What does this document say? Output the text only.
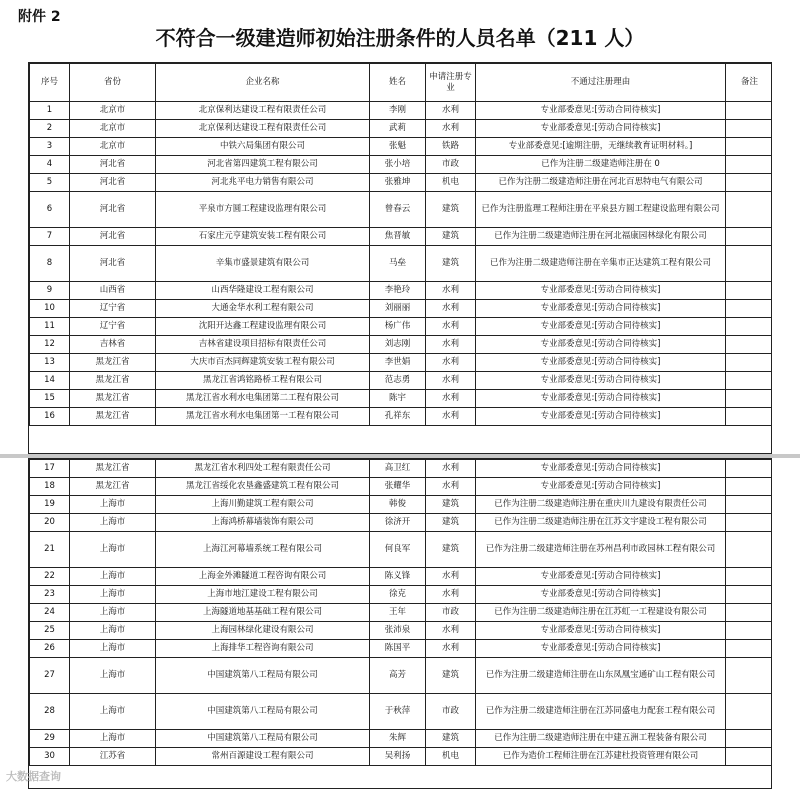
附件 2
不符合一级建造师初始注册条件的人员名单（211 人）
序号	省份	企业名称	姓名	申请注册专业	不通过注册理由	备注
1	北京市	北京保利达建设工程有限责任公司	李刚	水利	专业部委意见:[劳动合同待核实]	
2	北京市	北京保利达建设工程有限责任公司	武莉	水利	专业部委意见:[劳动合同待核实]	
3	北京市	中铁六局集团有限公司	张魁	铁路	专业部委意见:[逾期注册，无继续教育证明材料。]	
4	河北省	河北省第四建筑工程有限公司	张小培	市政	已作为注册二级建造师注册在 0	
5	河北省	河北兆平电力销售有限公司	张雅坤	机电	已作为注册二级建造师注册在河北百思特电气有限公司	
6	河北省	平泉市方圆工程建设监理有限公司	曾春云	建筑	已作为注册监理工程师注册在平泉县方圆工程建设监理有限公司	
7	河北省	石家庄元亨建筑安装工程有限公司	焦晋敏	建筑	已作为注册二级建造师注册在河北福康园林绿化有限公司	
8	河北省	辛集市盛景建筑有限公司	马垒	建筑	已作为注册二级建造师注册在辛集市正达建筑工程有限公司	
9	山西省	山西华隆建设工程有限公司	李艳玲	水利	专业部委意见:[劳动合同待核实]	
10	辽宁省	大通金华水利工程有限公司	刘丽丽	水利	专业部委意见:[劳动合同待核实]	
11	辽宁省	沈阳开达鑫工程建设监理有限公司	杨广伟	水利	专业部委意见:[劳动合同待核实]	
12	吉林省	吉林省建设项目招标有限责任公司	刘志刚	水利	专业部委意见:[劳动合同待核实]	
13	黑龙江省	大庆市百杰同辉建筑安装工程有限公司	李世娟	水利	专业部委意见:[劳动合同待核实]	
14	黑龙江省	黑龙江省鸿铭路桥工程有限公司	范志勇	水利	专业部委意见:[劳动合同待核实]	
15	黑龙江省	黑龙江省水利水电集团第二工程有限公司	陈宇	水利	专业部委意见:[劳动合同待核实]	
16	黑龙江省	黑龙江省水利水电集团第一工程有限公司	孔祥东	水利	专业部委意见:[劳动合同待核实]	
17	黑龙江省	黑龙江省水利四处工程有限责任公司	高卫红	水利	专业部委意见:[劳动合同待核实]	
18	黑龙江省	黑龙江省绥化农垦鑫盛建筑工程有限公司	张耀华	水利	专业部委意见:[劳动合同待核实]	
19	上海市	上海川勤建筑工程有限公司	韩俊	建筑	已作为注册二级建造师注册在重庆川九建设有限责任公司	
20	上海市	上海鸿桥幕墙装饰有限公司	徐济开	建筑	已作为注册二级建造师注册在江苏文宇建设工程有限公司	
21	上海市	上海江河幕墙系统工程有限公司	何良军	建筑	已作为注册二级建造师注册在苏州昌利市政园林工程有限公司	
22	上海市	上海金外滩隧道工程咨询有限公司	陈义锋	水利	专业部委意见:[劳动合同待核实]	
23	上海市	上海市地江建设工程有限公司	徐克	水利	专业部委意见:[劳动合同待核实]	
24	上海市	上海隧道地基基础工程有限公司	王年	市政	已作为注册二级建造师注册在江苏虹一工程建设有限公司	
25	上海市	上海园林绿化建设有限公司	张沛泉	水利	专业部委意见:[劳动合同待核实]	
26	上海市	上海排华工程咨询有限公司	陈国平	水利	专业部委意见:[劳动合同待核实]	
27	上海市	中国建筑第八工程局有限公司	高芳	建筑	已作为注册二级建造师注册在山东凤凰宝通矿山工程有限公司	
28	上海市	中国建筑第八工程局有限公司	于秋萍	市政	已作为注册二级建造师注册在江苏同盛电力配套工程有限公司	
29	上海市	中国建筑第八工程局有限公司	朱辉	建筑	已作为注册二级建造师注册在中建五洲工程装备有限公司	
30	江苏省	常州百源建设工程有限公司	吴利扬	机电	已作为造价工程师注册在江苏建杜投资管理有限公司	
大数据查询
